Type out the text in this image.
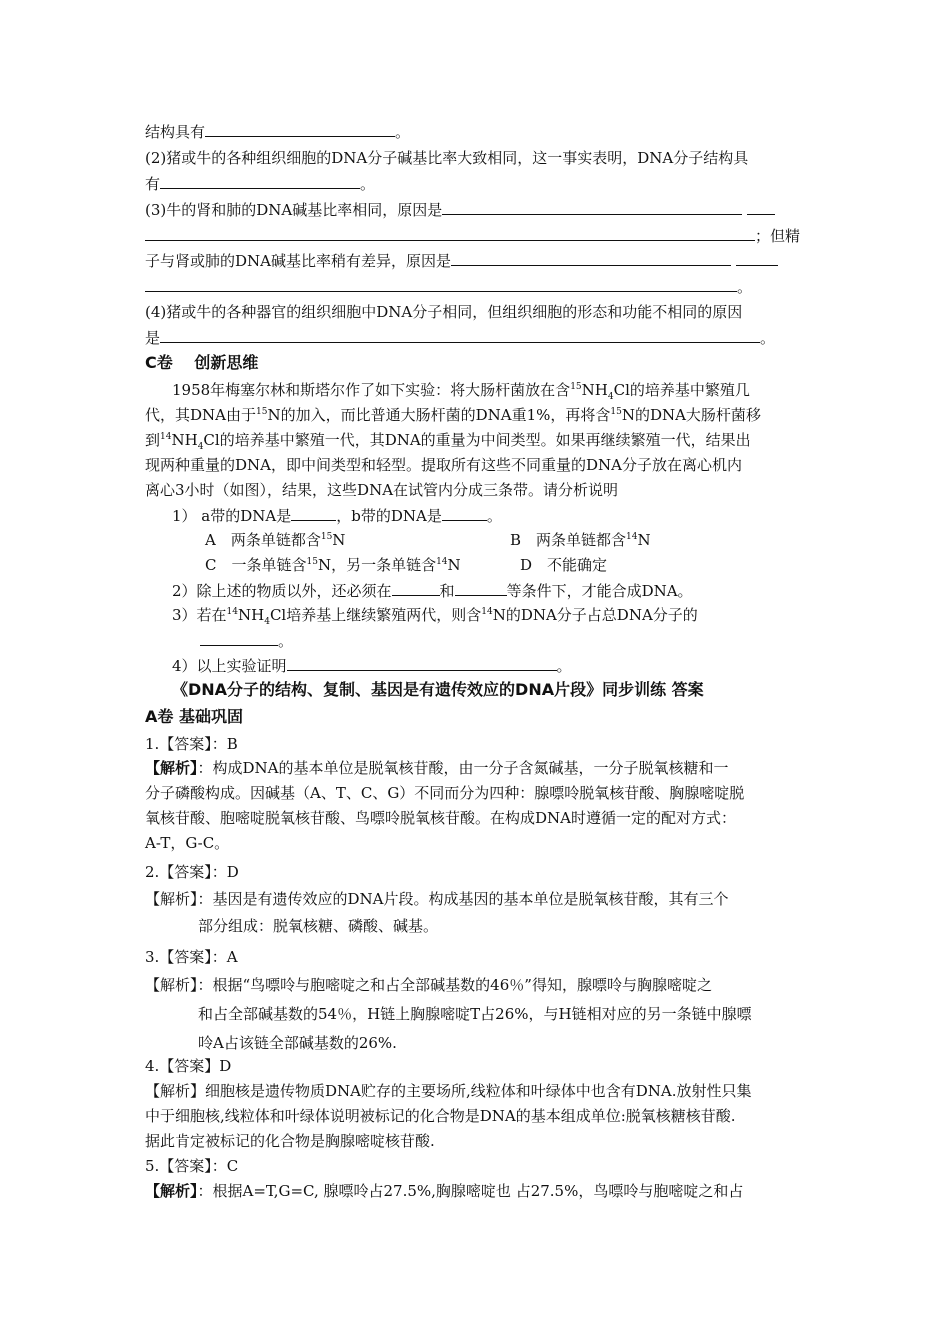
结构具有	。
(2)猪或牛的各种组织细胞的DNA分子碱基比率大致相同，这一事实表明，DNA分子结构具
有	。
(3)牛的肾和肺的DNA碱基比率相同，原因是
；但精
子与肾或肺的DNA碱基比率稍有差异，原因是
。
(4)猪或牛的各种器官的组织细胞中DNA分子相同，但组织细胞的形态和功能不相同的原因
是	。
C卷　 创新思维
1958年梅塞尔林和斯塔尔作了如下实验：将大肠杆菌放在含$^{15}NH_4Cl$的培养基中繁殖几
代，其DNA由于$^{15}$N的加入，而比普通大肠杆菌的DNA重1%，再将含$^{15}$N的DNA大肠杆菌移
到$^{14}NH_4Cl$的培养基中繁殖一代，其DNA的重量为中间类型。如果再继续繁殖一代，结果出
现两种重量的DNA，即中间类型和轻型。提取所有这些不同重量的DNA分子放在离心机内
离心3小时（如图），结果，这些DNA在试管内分成三条带。请分析说明
1） a带的DNA是	，b带的DNA是	。
A　两条单链都含$^{15}$N	B　两条单链都含$^{14}$N
C　一条单链含$^{15}$N，另一条单链含$^{14}$N	D　不能确定
2）除上述的物质以外，还必须在	和	等条件下，才能合成DNA。
3）若在$^{14}NH_4Cl$培养基上继续繁殖两代，则含$^{14}$N的DNA分子占总DNA分子的
。
4）以上实验证明	。
《DNA分子的结构、复制、基因是有遗传效应的DNA片段》同步训练 答案
A卷 基础巩固
1.【答案】：B
【解析】：构成DNA的基本单位是脱氧核苷酸，由一分子含氮碱基，一分子脱氧核糖和一
分子磷酸构成。因碱基（A、T、C、G）不同而分为四种：腺嘌呤脱氧核苷酸、胸腺嘧啶脱
氧核苷酸、胞嘧啶脱氧核苷酸、鸟嘌呤脱氧核苷酸。在构成DNA时遵循一定的配对方式：
A-T，G-C。
2.【答案】：D
【解析】：基因是有遗传效应的DNA片段。构成基因的基本单位是脱氧核苷酸，其有三个
部分组成：脱氧核糖、磷酸、碱基。
3.【答案】：A
【解析】：根据“鸟嘌呤与胞嘧啶之和占全部碱基数的46％”得知，腺嘌呤与胸腺嘧啶之
和占全部碱基数的54％，H链上胸腺嘧啶T占26%，与H链相对应的另一条链中腺嘌
呤A占该链全部碱基数的26%.
4.【答案】D
【解析】细胞核是遗传物质DNA贮存的主要场所,线粒体和叶绿体中也含有DNA.放射性只集
中于细胞核,线粒体和叶绿体说明被标记的化合物是DNA的基本组成单位:脱氧核糖核苷酸.
据此肯定被标记的化合物是胸腺嘧啶核苷酸.
5.【答案】：C
【解析】：根据A=T,G=C, 腺嘌呤占27.5%,胸腺嘧啶也 占27.5%，鸟嘌呤与胞嘧啶之和占
